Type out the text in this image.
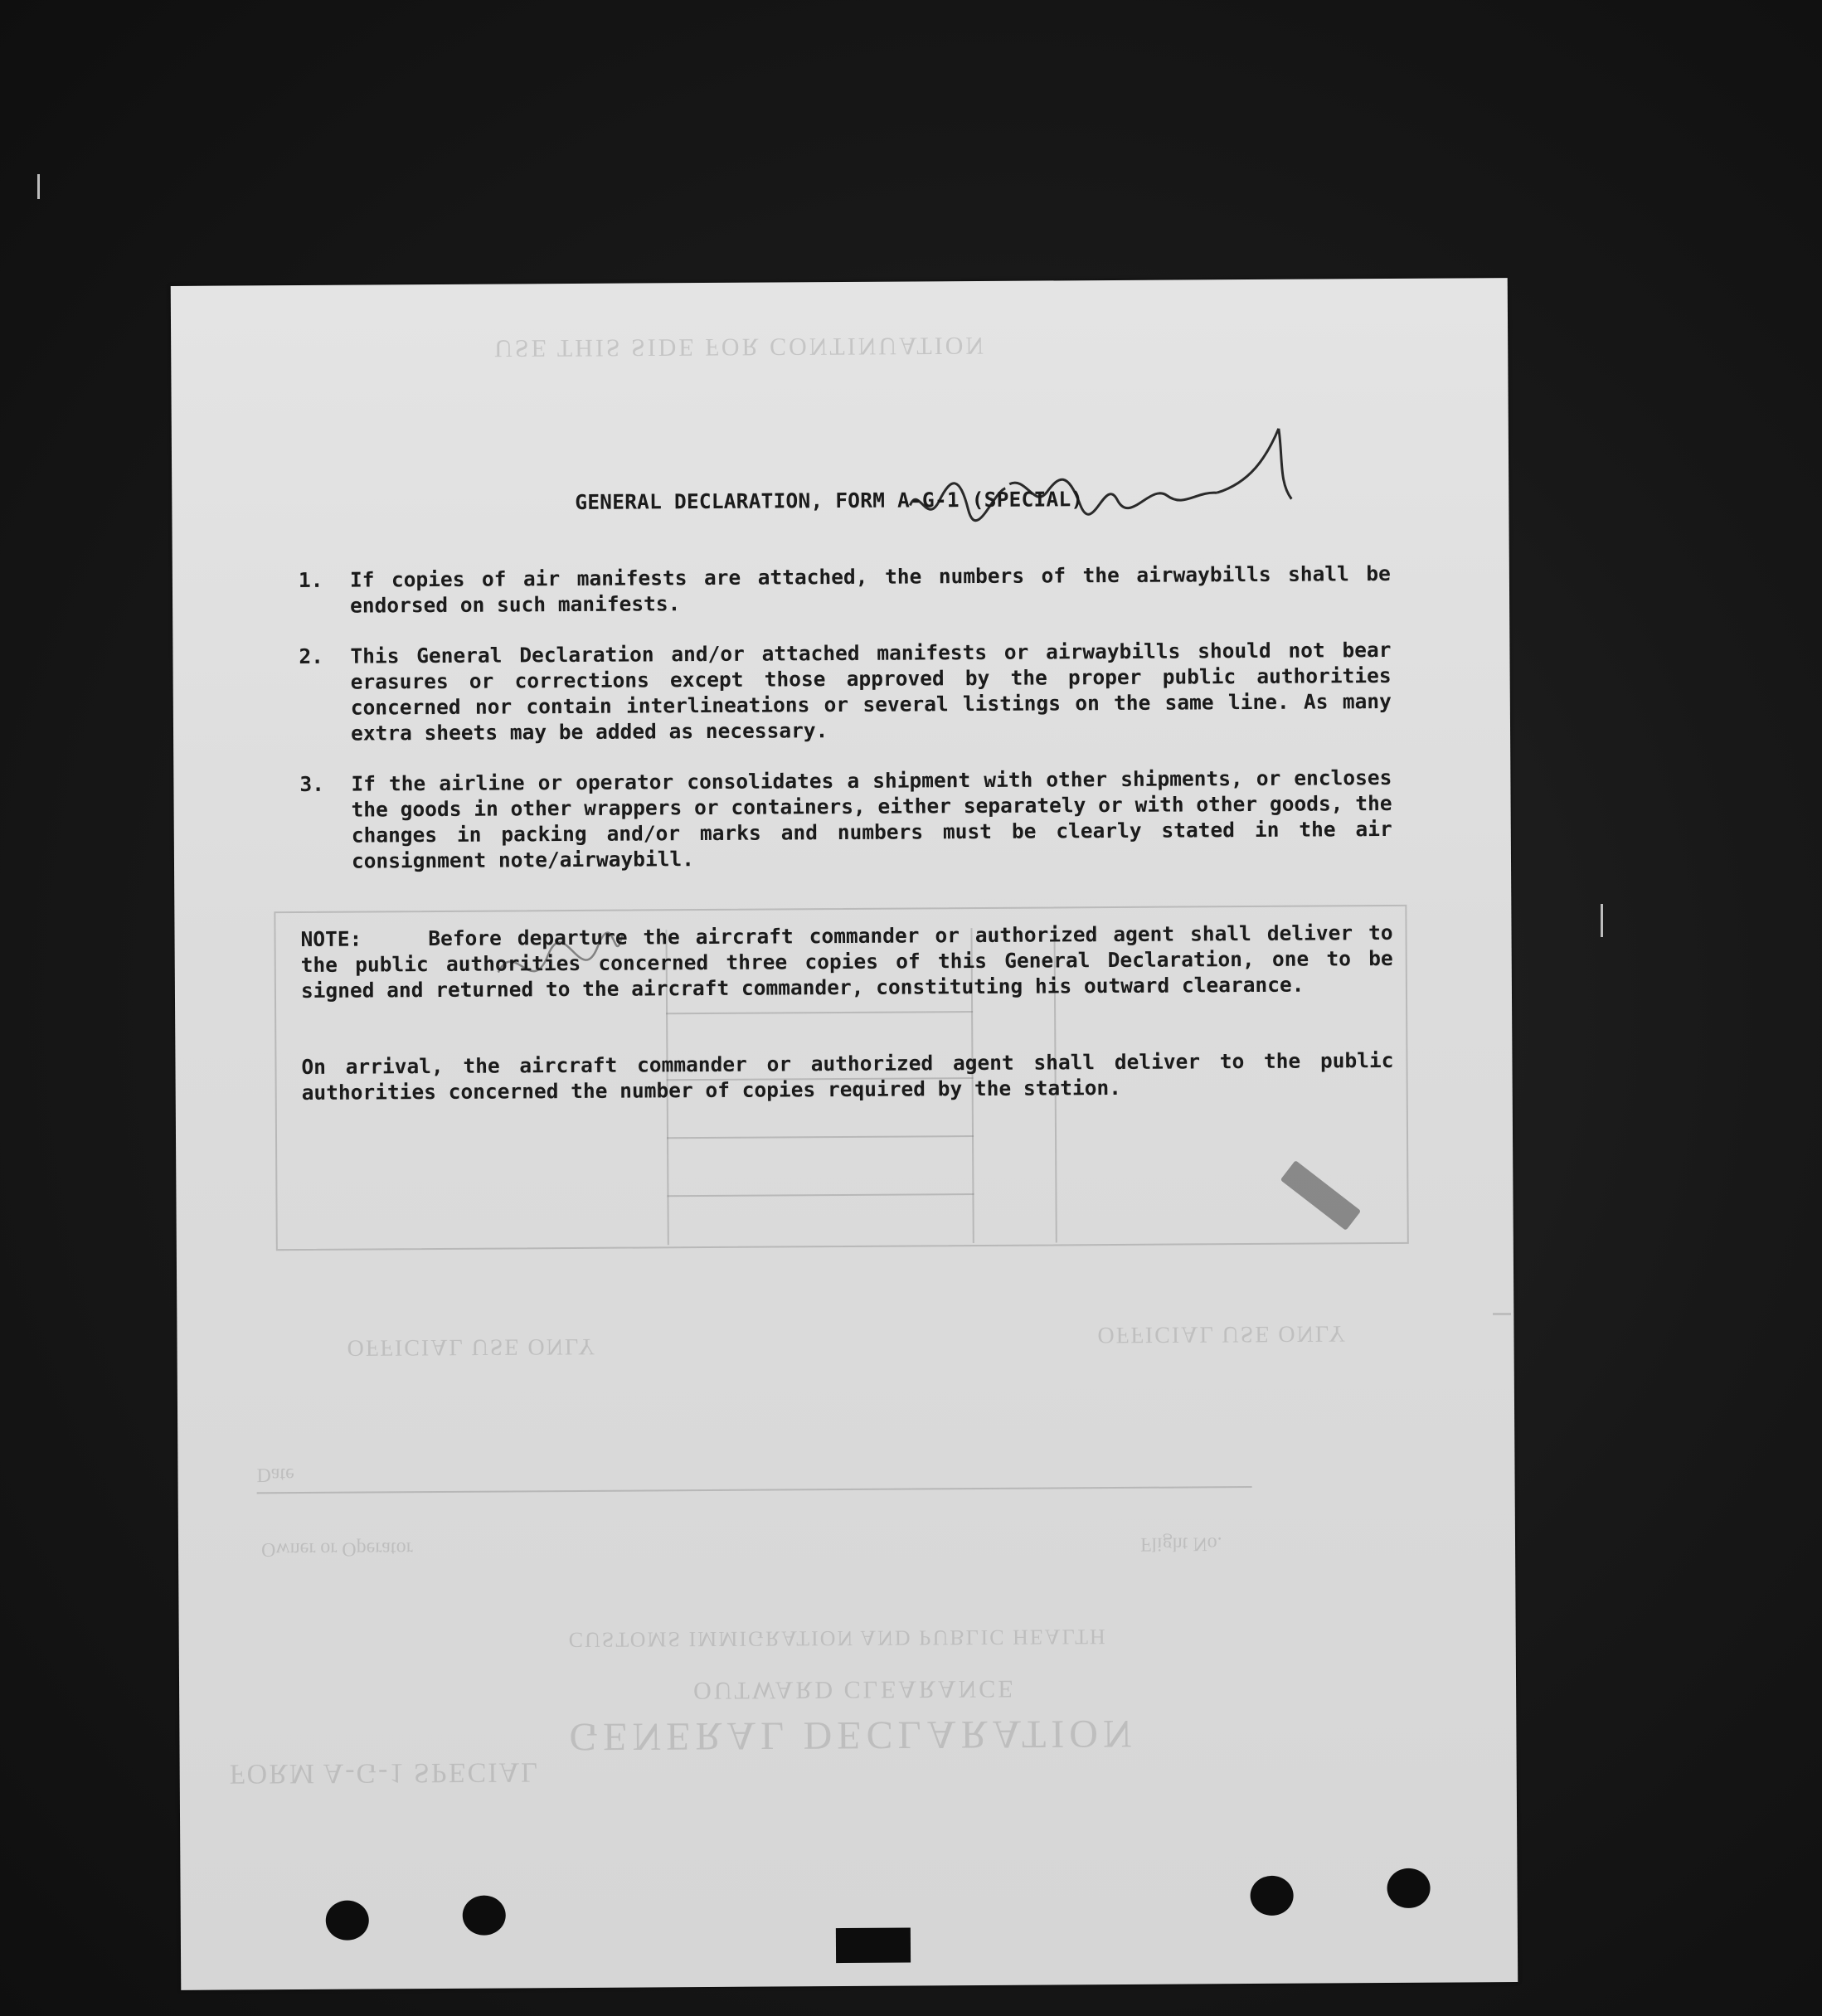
GENERAL DECLARATION
OUTWARD CLEARANCE
CUSTOMS IMMIGRATION AND PUBLIC HEALTH
FORM A-G-1 SPECIAL
USE THIS SIDE FOR CONTINUATION
Owner or Operator	Flight No.
Date
OFFICIAL USE ONLY	OFFICIAL USE ONLY
GENERAL DECLARATION, FORM A-G-1 (SPECIAL)
1. If copies of air manifests are attached, the numbers of the airwaybills shall be endorsed on such manifests.
2. This General Declaration and/or attached manifests or airwaybills should not bear erasures or corrections except those approved by the proper public authorities concerned nor contain interlineations or several listings on the same line. As many extra sheets may be added as necessary.
3. If the airline or operator consolidates a shipment with other shipments, or encloses the goods in other wrappers or containers, either separately or with other goods, the changes in packing and/or marks and numbers must be clearly stated in the air consignment note/airwaybill.
NOTE:	Before departure the aircraft commander or authorized agent shall deliver to the public authorities concerned three copies of this General Declaration, one to be signed and returned to the aircraft commander, constituting his outward clearance.
On arrival, the aircraft commander or authorized agent shall deliver to the public authorities concerned the number of copies required by the station.
